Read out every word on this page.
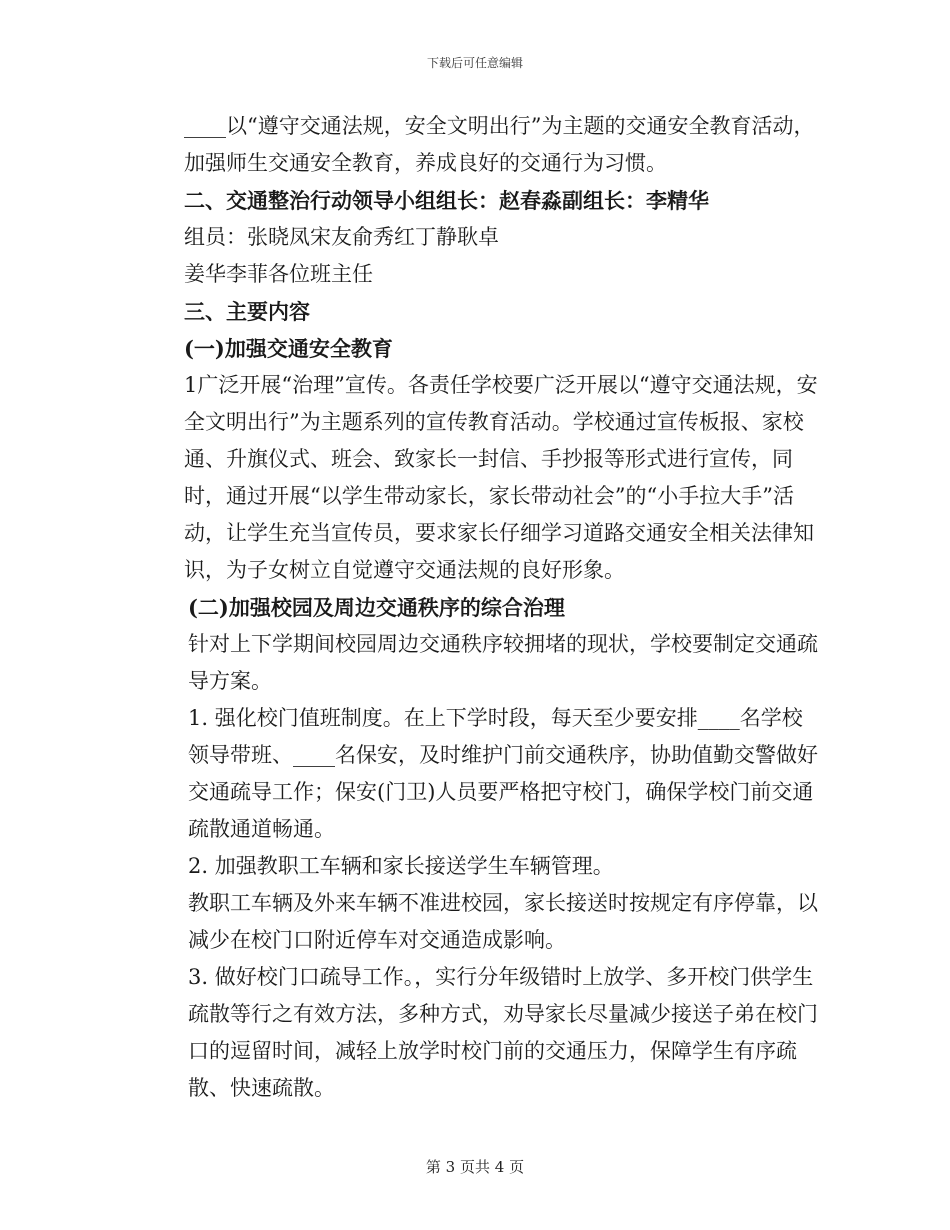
下载后可任意编辑

____以“遵守交通法规，安全文明出行”为主题的交通安全教育活动，加强师生交通安全教育，养成良好的交通行为习惯。

二、交通整治行动领导小组组长：赵春淼副组长：李精华

组员：张晓凤宋友俞秀红丁静耿卓

姜华李菲各位班主任

三、主要内容

(一)加强交通安全教育

1广泛开展“治理”宣传。各责任学校要广泛开展以“遵守交通法规，安全文明出行”为主题系列的宣传教育活动。学校通过宣传板报、家校通、升旗仪式、班会、致家长一封信、手抄报等形式进行宣传，同时，通过开展“以学生带动家长，家长带动社会”的“小手拉大手”活动，让学生充当宣传员，要求家长仔细学习道路交通安全相关法律知识，为子女树立自觉遵守交通法规的良好形象。

(二)加强校园及周边交通秩序的综合治理

针对上下学期间校园周边交通秩序较拥堵的现状，学校要制定交通疏导方案。

1. 强化校门值班制度。在上下学时段，每天至少要安排____名学校领导带班、____名保安，及时维护门前交通秩序，协助值勤交警做好交通疏导工作；保安(门卫)人员要严格把守校门，确保学校门前交通疏散通道畅通。

2. 加强教职工车辆和家长接送学生车辆管理。

教职工车辆及外来车辆不准进校园，家长接送时按规定有序停靠，以减少在校门口附近停车对交通造成影响。

3. 做好校门口疏导工作。，实行分年级错时上放学、多开校门供学生疏散等行之有效方法，多种方式，劝导家长尽量减少接送子弟在校门口的逗留时间，减轻上放学时校门前的交通压力，保障学生有序疏散、快速疏散。

第 3 页共 4 页
